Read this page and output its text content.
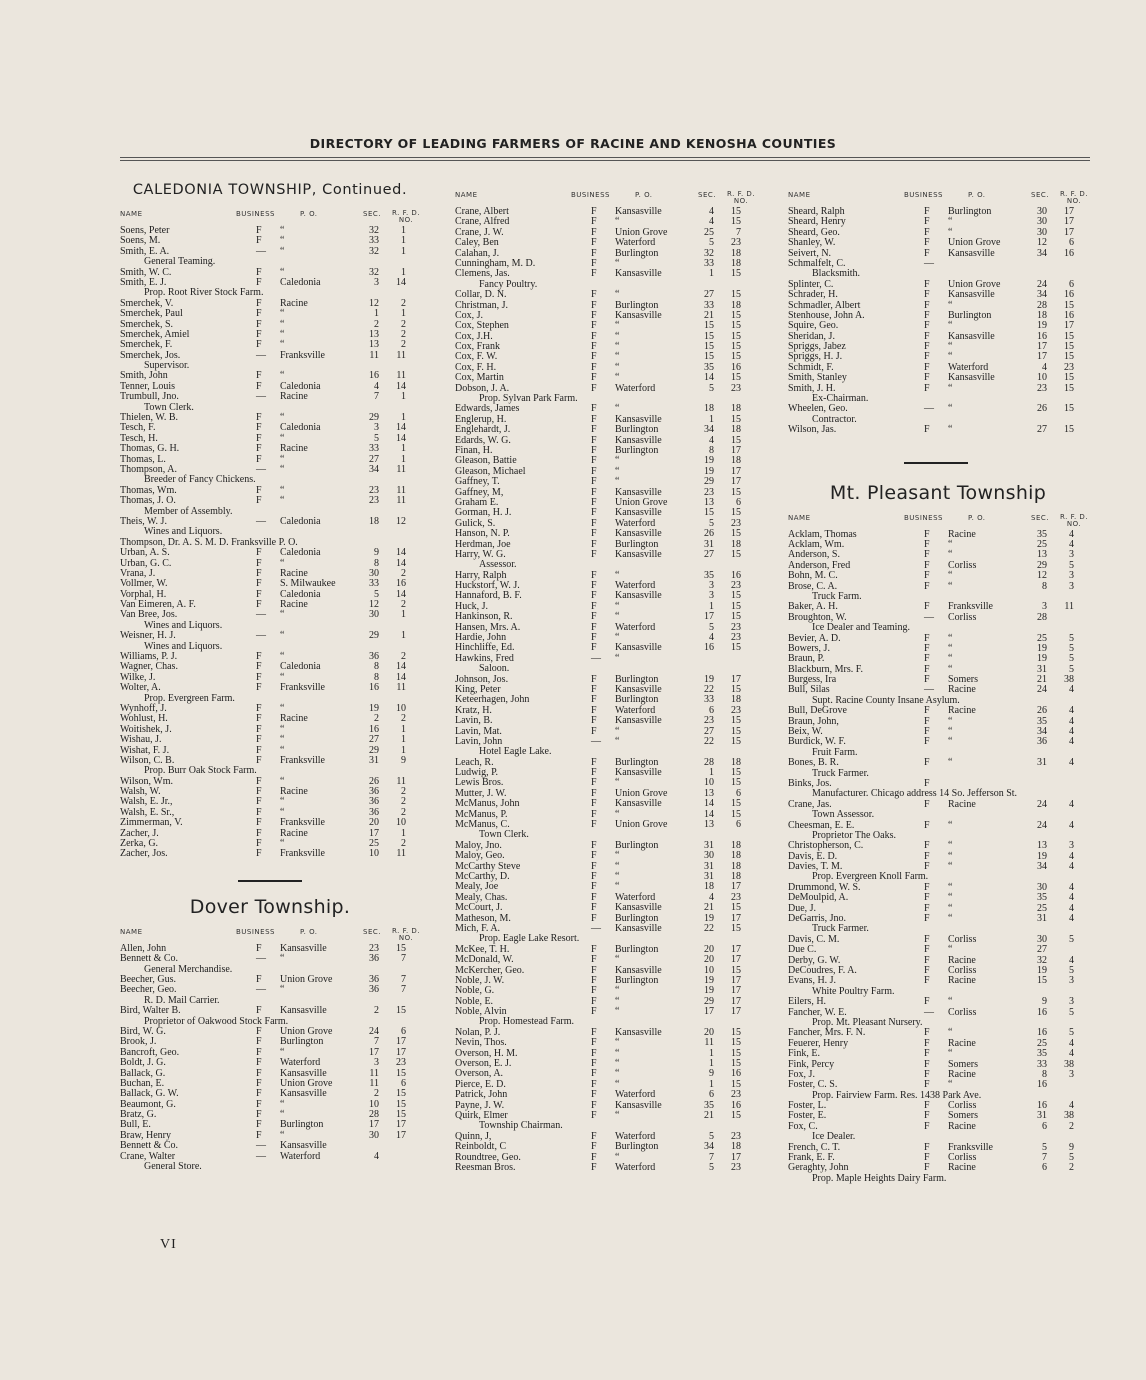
DIRECTORY OF LEADING FARMERS OF RACINE AND KENOSHA COUNTIES
CALEDONIA TOWNSHIP, Continued.
NAME	BUSINESS	P. O.	SEC. R. F. D.
NO.
Soens, Peter	F “	32	1
Soens, M.	F “	33	1
Smith, E. A.	— “	32	1
General Teaming.
Smith, W. C.	F “	32	1
Smith, E. J.	F Caledonia	3	14
Prop. Root River Stock Farm.
Smerchek, V.	F Racine	12	2
Smerchek, Paul	F “	1	1
Smerchek, S.	F “	2	2
Smerchek, Amiel	F “	13	2
Smerchek, F.	F “	13	2
Smerchek, Jos.	— Franksville	11	11
Supervisor.
Smith, John	F “	16	11
Tenner, Louis	F Caledonia	4	14
Trumbull, Jno.	— Racine	7	1
Town Clerk.
Thielen, W. B.	F “	29	1
Tesch, F.	F Caledonia	3	14
Tesch, H.	F “	5	14
Thomas, G. H.	F Racine	33	1
Thomas, L.	F “	27	1
Thompson, A.	— “	34	11
Breeder of Fancy Chickens.
Thomas, Wm.	F “	23	11
Thomas, J. O.	F “	23	11
Member of Assembly.
Theis, W. J.	— Caledonia	18	12
Wines and Liquors.
Thompson, Dr. A. S. M. D. Franksville P. O.
Urban, A. S.	F Caledonia	9	14
Urban, G. C.	F “	8	14
Vrana, J.	F Racine	30	2
Vollmer, W.	F S. Milwaukee	33	16
Vorphal, H.	F Caledonia	5	14
Van Eimeren, A. F.	F Racine	12	2
Van Bree, Jos.	— “	30	1
Wines and Liquors.
Weisner, H. J.	— “	29	1
Wines and Liquors.
Williams, P. J.	F “	36	2
Wagner, Chas.	F Caledonia	8	14
Wilke, J.	F “	8	14
Wolter, A.	F Franksville	16	11
Prop. Evergreen Farm.
Wynhoff, J.	F “	19	10
Wohlust, H.	F Racine	2	2
Woitishek, J.	F “	16	1
Wishau, J.	F “	27	1
Wishat, F. J.	F “	29	1
Wilson, C. B.	F Franksville	31	9
Prop. Burr Oak Stock Farm.
Wilson, Wm.	F “	26	11
Walsh, W.	F Racine	36	2
Walsh, E. Jr.,	F “	36	2
Walsh, E. Sr.,	F “	36	2
Zimmerman, V.	F Franksville	20	10
Zacher, J.	F Racine	17	1
Zerka, G.	F “	25	2
Zacher, Jos.	F Franksville	10	11
Dover Township.
NAME	BUSINESS	P. O.	SEC. R. F. D.
NO.
Allen, John	F Kansasville	23	15
Bennett & Co.	— “	36	7
General Merchandise.
Beecher, Gus.	F Union Grove	36	7
Beecher, Geo.	— “	36	7
R. D. Mail Carrier.
Bird, Walter B.	F Kansasville	2	15
Proprietor of Oakwood Stock Farm.
Bird, W. G.	F Union Grove	24	6
Brook, J.	F Burlington	7	17
Bancroft, Geo.	F “	17	17
Boldt, J. G.	F Waterford	3	23
Ballack, G.	F Kansasville	11	15
Buchan, E.	F Union Grove	11	6
Ballack, G. W.	F Kansasville	2	15
Beaumont, G.	F “	10	15
Bratz, G.	F “	28	15
Bull, E.	F Burlington	17	17
Braw, Henry	F “	30	17
Bennett & Co.	— Kansasville
Crane, Walter	— Waterford	4
General Store.
NAME	BUSINESS	P. O.	SEC. R. F. D.
NO.
Crane, Albert	F Kansasville	4	15
Crane, Alfred	F “	4	15
Crane, J. W.	F Union Grove	25	7
Caley, Ben	F Waterford	5	23
Calahan, J.	F Burlington	32	18
Cunningham, M. D.	F “	33	18
Clemens, Jas.	F Kansasville	1	15
Fancy Poultry.
Collar, D. N.	F “	27	15
Christman, J.	F Burlington	33	18
Cox, J.	F Kansasville	21	15
Cox, Stephen	F “	15	15
Cox, J.H.	F “	15	15
Cox, Frank	F “	15	15
Cox, F. W.	F “	15	15
Cox, F. H.	F “	35	16
Cox, Martin	F “	14	15
Dobson, J. A.	F Waterford	5	23
Prop. Sylvan Park Farm.
Edwards, James	F “	18	18
Englerup, H.	F Kansasville	1	15
Englehardt, J.	F Burlington	34	18
Edards, W. G.	F Kansasville	4	15
Finan, H.	F Burlington	8	17
Gleason, Battie	F “	19	18
Gleason, Michael	F “	19	17
Gaffney, T.	F “	29	17
Gaffney, M,	F Kansasville	23	15
Graham E.	F Union Grove	13	6
Gorman, H. J.	F Kansasville	15	15
Gulick, S.	F Waterford	5	23
Hanson, N. P.	F Kansasville	26	15
Herdman, Joe	F Burlington	31	18
Harry, W. G.	F Kansasville	27	15
Assessor.
Harry, Ralph	F “	35	16
Huckstorf, W. J.	F Waterford	3	23
Hannaford, B. F.	F Kansasville	3	15
Huck, J.	F “	1	15
Hankinson, R.	F “	17	15
Hansen, Mrs. A.	F Waterford	5	23
Hardie, John	F “	4	23
Hinchliffe, Ed.	F Kansasville	16	15
Hawkins, Fred	— “
Saloon.
Johnson, Jos.	F Burlington	19	17
King, Peter	F Kansasville	22	15
Keteerhagen, John	F Burlington	33	18
Kratz, H.	F Waterford	6	23
Lavin, B.	F Kansasville	23	15
Lavin, Mat.	F “	27	15
Lavin, John	— “	22	15
Hotel Eagle Lake.
Leach, R.	F Burlington	28	18
Ludwig, P.	F Kansasville	1	15
Lewis Bros.	F “	10	15
Mutter, J. W.	F Union Grove	13	6
McManus, John	F Kansasville	14	15
McManus, P.	F “	14	15
McManus, C.	F Union Grove	13	6
Town Clerk.
Maloy, Jno.	F Burlington	31	18
Maloy, Geo.	F “	30	18
McCarthy Steve	F “	31	18
McCarthy, D.	F “	31	18
Mealy, Joe	F “	18	17
Mealy, Chas.	F Waterford	4	23
McCourt, J.	F Kansasville	21	15
Matheson, M.	F Burlington	19	17
Mich, F. A.	— Kansasville	22	15
Prop. Eagle Lake Resort.
McKee, T. H.	F Burlington	20	17
McDonald, W.	F “	20	17
McKercher, Geo.	F Kansasville	10	15
Noble, J. W.	F Burlington	19	17
Noble, G.	F “	19	17
Noble, E.	F “	29	17
Noble, Alvin	F “	17	17
Prop. Homestead Farm.
Nolan, P. J.	F Kansasville	20	15
Nevin, Thos.	F “	11	15
Overson, H. M.	F “	1	15
Overson, E. J.	F “	1	15
Overson, A.	F “	9	16
Pierce, E. D.	F “	1	15
Patrick, John	F Waterford	6	23
Payne, J. W.	F Kansasville	35	16
Quirk, Elmer	F “	21	15
Township Chairman.
Quinn, J,	F Waterford	5	23
Reinboldt, C	F Burlington	34	18
Roundtree, Geo.	F “	7	17
Reesman Bros.	F Waterford	5	23
NAME	BUSINESS	P. O.	SEC. R. F. D.
NO.
Sheard, Ralph	F Burlington	30	17
Sheard, Henry	F “	30	17
Sheard, Geo.	F “	30	17
Shanley, W.	F Union Grove	12	6
Seivert, N.	F Kansasville	34	16
Schmalfelt, C.	—
Blacksmith.
Splinter, C.	F Union Grove	24	6
Schrader, H.	F Kansasville	34	16
Schmadler, Albert	F “	28	15
Stenhouse, John A.	F Burlington	18	16
Squire, Geo.	F “	19	17
Sheridan, J.	F Kansasville	16	15
Spriggs, Jabez	F “	17	15
Spriggs, H. J.	F “	17	15
Schmidt, F.	F Waterford	4	23
Smith, Stanley	F Kansasville	10	15
Smith, J. H.	F “	23	15
Ex-Chairman.
Wheelen, Geo.	— “	26	15
Contractor.
Wilson, Jas.	F “	27	15
Mt. Pleasant Township
NAME	BUSINESS	P. O.	SEC. R. F. D.
NO.
Acklam, Thomas	F Racine	35	4
Acklam, Wm.	F “	25	4
Anderson, S.	F “	13	3
Anderson, Fred	F Corliss	29	5
Bohn, M. C.	F “	12	3
Brose, C. A.	F “	8	3
Truck Farm.
Baker, A. H.	F Franksville	3	11
Broughton, W.	— Corliss	28
Ice Dealer and Teaming.
Bevier, A. D.	F “	25	5
Bowers, J.	F “	19	5
Braun, P.	F “	19	5
Blackburn, Mrs. F.	F “	31	5
Burgess, Ira	F Somers	21	38
Bull, Silas	— Racine	24	4
Supt. Racine County Insane Asylum.
Bull, DeGrove	F Racine	26	4
Braun, John,	F “	35	4
Beix, W.	F “	34	4
Burdick, W. F.	F “	36	4
Fruit Farm.
Bones, B. R.	F “	31	4
Truck Farmer.
Binks, Jos.	F
Manufacturer. Chicago address 14 So. Jefferson St.
Crane, Jas.	F Racine	24	4
Town Assessor.
Cheesman, E. E.	F “	24	4
Proprietor The Oaks.
Christopherson, C.	F “	13	3
Davis, E. D.	F “	19	4
Davies, T. M.	F “	34	4
Prop. Evergreen Knoll Farm.
Drummond, W. S.	F “	30	4
DeMoulpid, A.	F “	35	4
Due, J.	F “	25	4
DeGarris, Jno.	F “	31	4
Truck Farmer.
Davis, C. M.	F Corliss	30	5
Due C.	F “	27
Derby, G. W.	F Racine	32	4
DeCoudres, F. A.	F Corliss	19	5
Evans, H. J.	F Racine	15	3
White Poultry Farm.
Eilers, H.	F “	9	3
Fancher, W. E.	— Corliss	16	5
Prop. Mt. Pleasant Nursery.
Fancher, Mrs. F. N.	F “	16	5
Feuerer, Henry	F Racine	25	4
Fink, E.	F “	35	4
Fink, Percy	F Somers	33	38
Fox, J.	F Racine	8	3
Foster, C. S.	F “	16
Prop. Fairview Farm. Res. 1438 Park Ave.
Foster, L.	F Corliss	16	4
Foster, E.	F Somers	31	38
Fox, C.	F Racine	6	2
Ice Dealer.
French, C. T.	F Franksville	5	9
Frank, E. F.	F Corliss	7	5
Geraghty, John	F Racine	6	2
Prop. Maple Heights Dairy Farm.
VI
